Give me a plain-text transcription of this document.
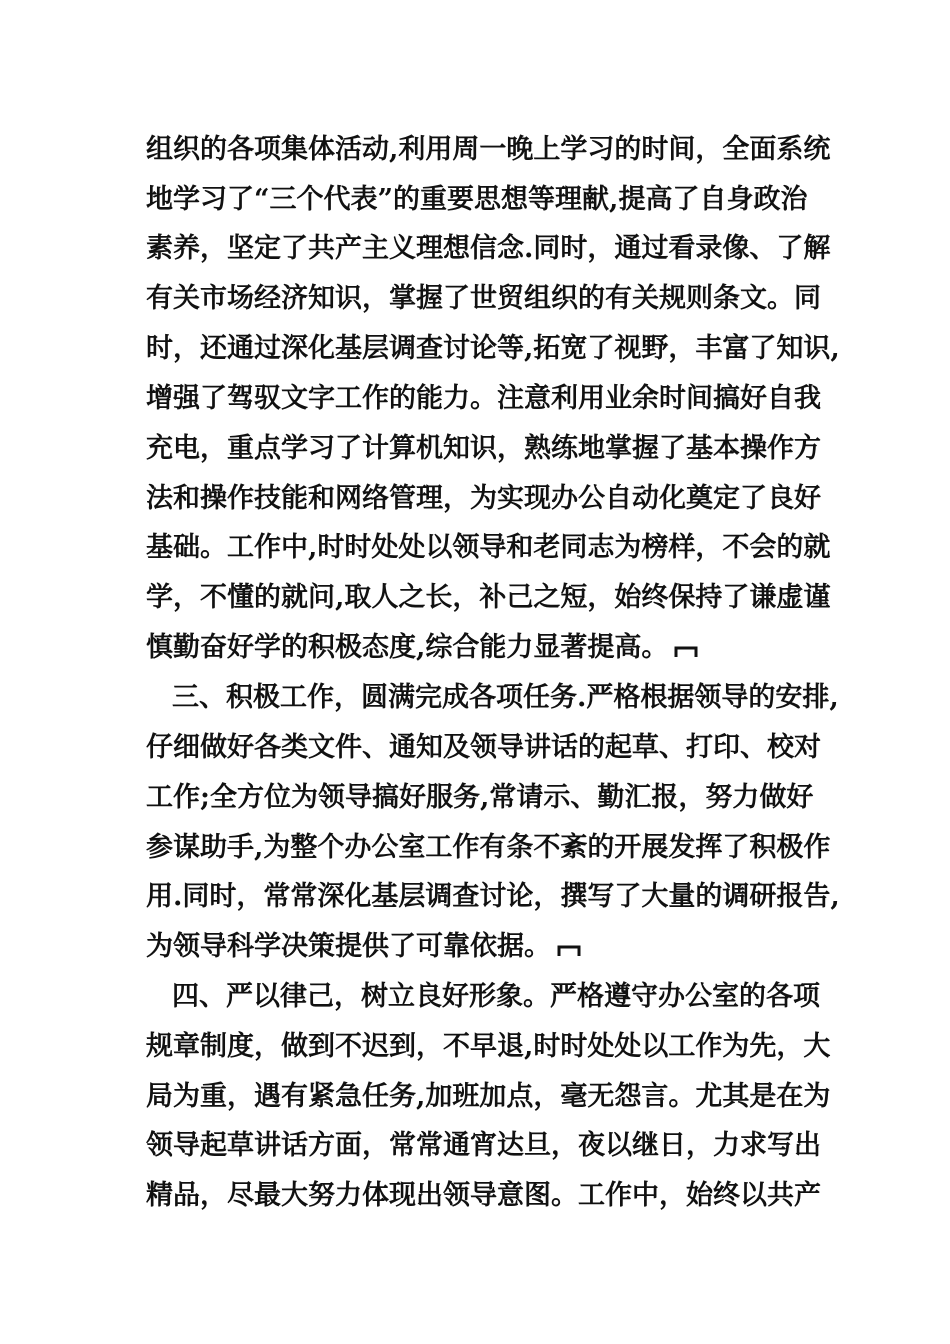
组织的各项集体活动,利用周一晚上学习的时间，全面系统
地学习了“三个代表”的重要思想等理献,提高了自身政治
素养，坚定了共产主义理想信念.同时，通过看录像、了解
有关市场经济知识，掌握了世贸组织的有关规则条文。同
时，还通过深化基层调查讨论等,拓宽了视野，丰富了知识,
增强了驾驭文字工作的能力。注意利用业余时间搞好自我
充电，重点学习了计算机知识，熟练地掌握了基本操作方
法和操作技能和网络管理，为实现办公自动化奠定了良好
基础。工作中,时时处处以领导和老同志为榜样，不会的就
学，不懂的就问,取人之长，补己之短，始终保持了谦虚谨
慎勤奋好学的积极态度,综合能力显著提高。
三、积极工作，圆满完成各项任务.严格根据领导的安排,
仔细做好各类文件、通知及领导讲话的起草、打印、校对
工作;全方位为领导搞好服务,常请示、勤汇报，努力做好
参谋助手,为整个办公室工作有条不紊的开展发挥了积极作
用.同时，常常深化基层调查讨论，撰写了大量的调研报告,
为领导科学决策提供了可靠依据。
四、严以律己，树立良好形象。严格遵守办公室的各项
规章制度，做到不迟到，不早退,时时处处以工作为先，大
局为重，遇有紧急任务,加班加点，毫无怨言。尤其是在为
领导起草讲话方面，常常通宵达旦，夜以继日，力求写出
精品，尽最大努力体现出领导意图。工作中，始终以共产
